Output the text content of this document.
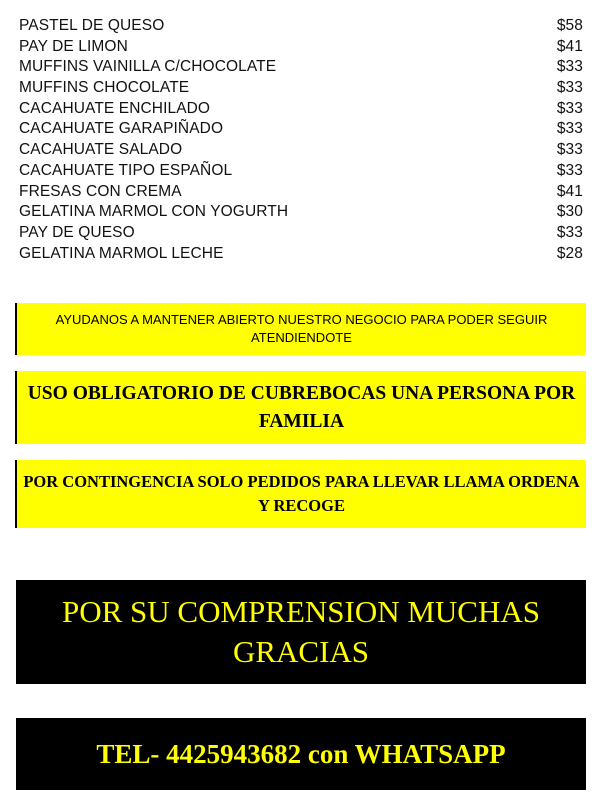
PASTEL DE QUESO	$58
PAY DE LIMON	$41
MUFFINS VAINILLA C/CHOCOLATE	$33
MUFFINS CHOCOLATE	$33
CACAHUATE ENCHILADO	$33
CACAHUATE GARAPIÑADO	$33
CACAHUATE SALADO	$33
CACAHUATE TIPO ESPAÑOL	$33
FRESAS CON CREMA	$41
GELATINA MARMOL CON YOGURTH	$30
PAY DE QUESO	$33
GELATINA MARMOL LECHE	$28
AYUDANOS A MANTENER ABIERTO NUESTRO NEGOCIO PARA PODER SEGUIR ATENDIENDOTE
USO OBLIGATORIO DE CUBREBOCAS UNA PERSONA POR FAMILIA
POR CONTINGENCIA SOLO PEDIDOS PARA LLEVAR LLAMA ORDENA Y RECOGE
POR SU COMPRENSION MUCHAS GRACIAS
TEL- 4425943682 con WHATSAPP
